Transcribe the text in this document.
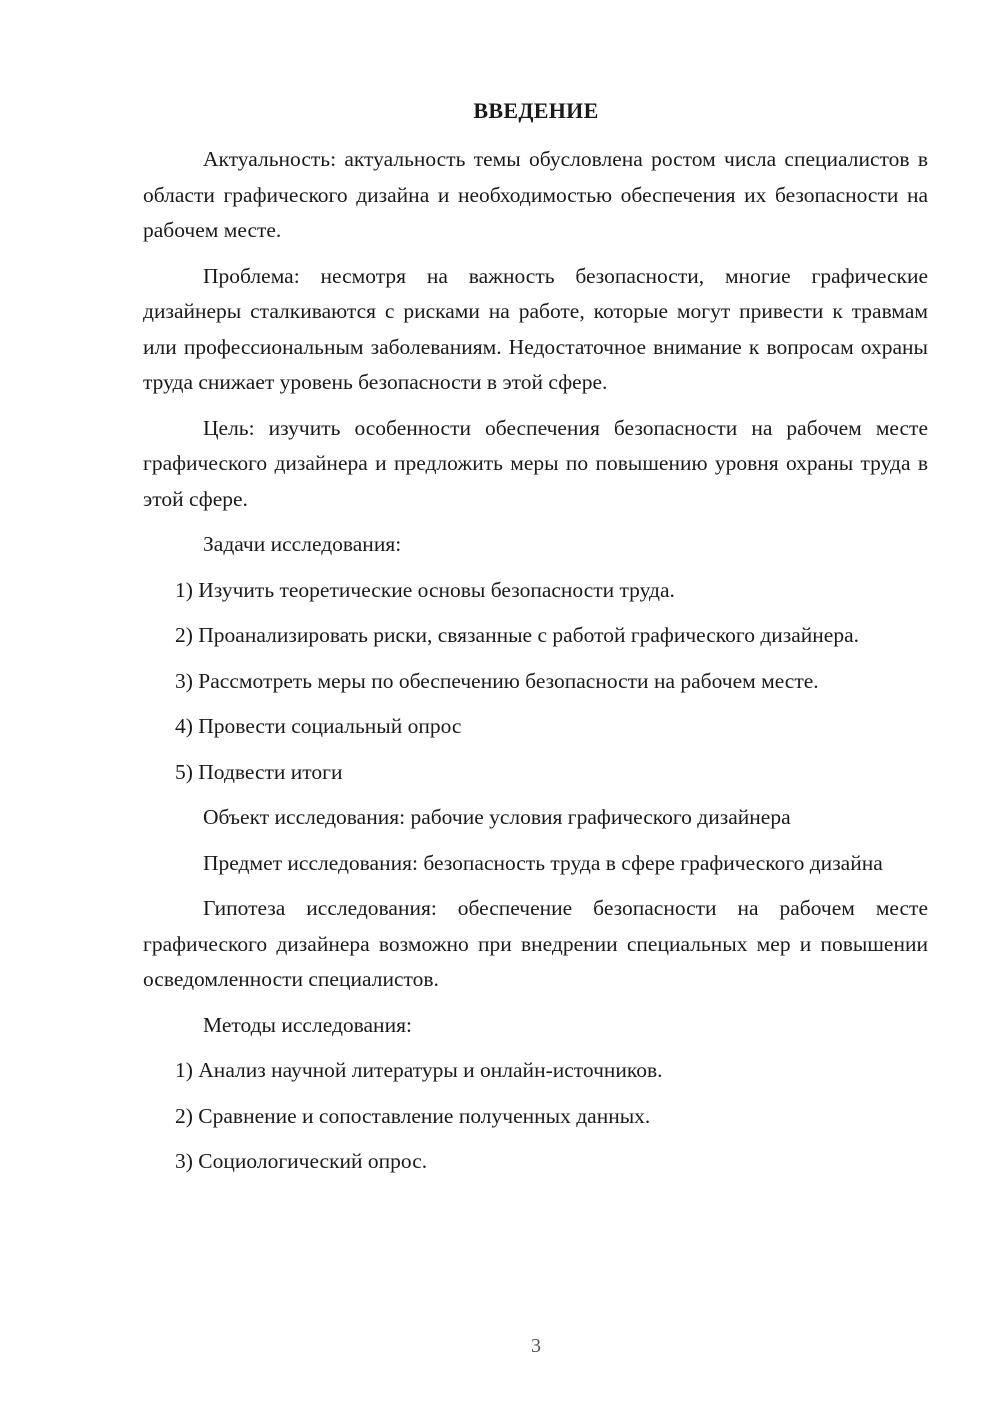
ВВЕДЕНИЕ

Актуальность: актуальность темы обусловлена ростом числа специалистов в области графического дизайна и необходимостью обеспечения их безопасности на рабочем месте.

Проблема: несмотря на важность безопасности, многие графические дизайнеры сталкиваются с рисками на работе, которые могут привести к травмам или профессиональным заболеваниям. Недостаточное внимание к вопросам охраны труда снижает уровень безопасности в этой сфере.

Цель: изучить особенности обеспечения безопасности на рабочем месте графического дизайнера и предложить меры по повышению уровня охраны труда в этой сфере.

Задачи исследования:

1) Изучить теоретические основы безопасности труда.

2) Проанализировать риски, связанные с работой графического дизайнера.

3) Рассмотреть меры по обеспечению безопасности на рабочем месте.

4) Провести социальный опрос

5) Подвести итоги

Объект исследования: рабочие условия графического дизайнера

Предмет исследования: безопасность труда в сфере графического дизайна

Гипотеза исследования: обеспечение безопасности на рабочем месте графического дизайнера возможно при внедрении специальных мер и повышении осведомленности специалистов.

Методы исследования:

1) Анализ научной литературы и онлайн-источников.

2) Сравнение и сопоставление полученных данных.

3) Социологический опрос.

3
